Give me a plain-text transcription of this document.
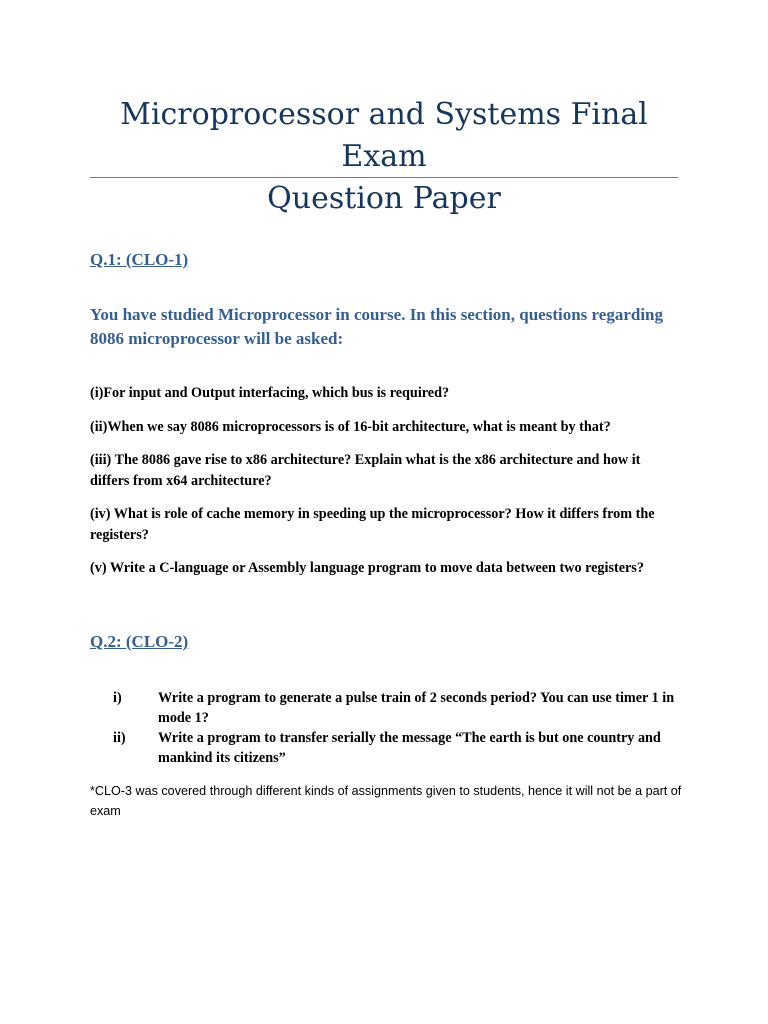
Microprocessor and Systems Final Exam
Question Paper
Q.1: (CLO-1)
You have studied Microprocessor in course. In this section, questions regarding 8086 microprocessor will be asked:

(i)For input and Output interfacing, which bus is required?

(ii)When we say 8086 microprocessors is of 16-bit architecture, what is meant by that?

(iii) The 8086 gave rise to x86 architecture? Explain what is the x86 architecture and how it differs from x64 architecture?

(iv) What is role of cache memory in speeding up the microprocessor? How it differs from the registers?

(v) Write a C-language or Assembly language program to move data between two registers?

Q.2: (CLO-2)
i)	Write a program to generate a pulse train of 2 seconds period? You can use timer 1 in mode 1?
ii)	Write a program to transfer serially the message “The earth is but one country and mankind its citizens”
*CLO-3 was covered through different kinds of assignments given to students, hence it will not be a part of exam
